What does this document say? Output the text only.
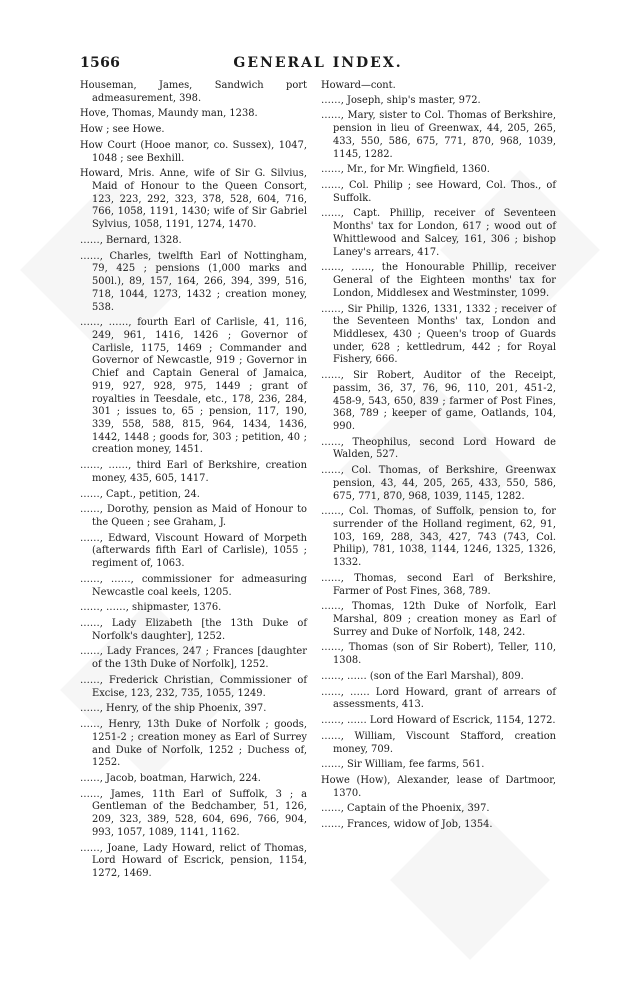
1566	GENERAL INDEX.

Houseman, James, Sandwich port admeasurement, 398.

Hove, Thomas, Maundy man, 1238.

How ; see Howe.

How Court (Hooe manor, co. Sussex), 1047, 1048 ; see Bexhill.

Howard, Mris. Anne, wife of Sir G. Silvius, Maid of Honour to the Queen Consort, 123, 223, 292, 323, 378, 528, 604, 716, 766, 1058, 1191, 1430; wife of Sir Gabriel Sylvius, 1058, 1191, 1274, 1470.

……, Bernard, 1328.

……, Charles, twelfth Earl of Nottingham, 79, 425 ; pensions (1,000 marks and 500l.), 89, 157, 164, 266, 394, 399, 516, 718, 1044, 1273, 1432 ; creation money, 538.

……, ……, fourth Earl of Carlisle, 41, 116, 249, 961, 1416, 1426 ; Governor of Carlisle, 1175, 1469 ; Commander and Governor of Newcastle, 919 ; Governor in Chief and Captain General of Jamaica, 919, 927, 928, 975, 1449 ; grant of royalties in Teesdale, etc., 178, 236, 284, 301 ; issues to, 65 ; pension, 117, 190, 339, 558, 588, 815, 964, 1434, 1436, 1442, 1448 ; goods for, 303 ; petition, 40 ; creation money, 1451.

……, ……, third Earl of Berkshire, creation money, 435, 605, 1417.

……, Capt., petition, 24.

……, Dorothy, pension as Maid of Honour to the Queen ; see Graham, J.

……, Edward, Viscount Howard of Morpeth (afterwards fifth Earl of Carlisle), 1055 ; regiment of, 1063.

……, ……, commissioner for admeasuring Newcastle coal keels, 1205.

……, ……, shipmaster, 1376.

……, Lady Elizabeth [the 13th Duke of Norfolk's daughter], 1252.

……, Lady Frances, 247 ; Frances [daughter of the 13th Duke of Norfolk], 1252.

……, Frederick Christian, Commissioner of Excise, 123, 232, 735, 1055, 1249.

……, Henry, of the ship Phoenix, 397.

……, Henry, 13th Duke of Norfolk ; goods, 1251-2 ; creation money as Earl of Surrey and Duke of Norfolk, 1252 ; Duchess of, 1252.

……, Jacob, boatman, Harwich, 224.

……, James, 11th Earl of Suffolk, 3 ; a Gentleman of the Bedchamber, 51, 126, 209, 323, 389, 528, 604, 696, 766, 904, 993, 1057, 1089, 1141, 1162.

……, Joane, Lady Howard, relict of Thomas, Lord Howard of Escrick, pension, 1154, 1272, 1469.

Howard—cont.

……, Joseph, ship's master, 972.

……, Mary, sister to Col. Thomas of Berkshire, pension in lieu of Greenwax, 44, 205, 265, 433, 550, 586, 675, 771, 870, 968, 1039, 1145, 1282.

……, Mr., for Mr. Wingfield, 1360.

……, Col. Philip ; see Howard, Col. Thos., of Suffolk.

……, Capt. Phillip, receiver of Seventeen Months' tax for London, 617 ; wood out of Whittlewood and Salcey, 161, 306 ; bishop Laney's arrears, 417.

……, ……, the Honourable Phillip, receiver General of the Eighteen months' tax for London, Middlesex and Westminster, 1099.

……, Sir Philip, 1326, 1331, 1332 ; receiver of the Seventeen Months' tax, London and Middlesex, 430 ; Queen's troop of Guards under, 628 ; kettledrum, 442 ; for Royal Fishery, 666.

……, Sir Robert, Auditor of the Receipt, passim, 36, 37, 76, 96, 110, 201, 451-2, 458-9, 543, 650, 839 ; farmer of Post Fines, 368, 789 ; keeper of game, Oatlands, 104, 990.

……, Theophilus, second Lord Howard de Walden, 527.

……, Col. Thomas, of Berkshire, Greenwax pension, 43, 44, 205, 265, 433, 550, 586, 675, 771, 870, 968, 1039, 1145, 1282.

……, Col. Thomas, of Suffolk, pension to, for surrender of the Holland regiment, 62, 91, 103, 169, 288, 343, 427, 743 (743, Col. Philip), 781, 1038, 1144, 1246, 1325, 1326, 1332.

……, Thomas, second Earl of Berkshire, Farmer of Post Fines, 368, 789.

……, Thomas, 12th Duke of Norfolk, Earl Marshal, 809 ; creation money as Earl of Surrey and Duke of Norfolk, 148, 242.

……, Thomas (son of Sir Robert), Teller, 110, 1308.

……, …… (son of the Earl Marshal), 809.

……, …… Lord Howard, grant of arrears of assessments, 413.

……, …… Lord Howard of Escrick, 1154, 1272.

……, William, Viscount Stafford, creation money, 709.

……, Sir William, fee farms, 561.

Howe (How), Alexander, lease of Dartmoor, 1370.

……, Captain of the Phoenix, 397.

……, Frances, widow of Job, 1354.
